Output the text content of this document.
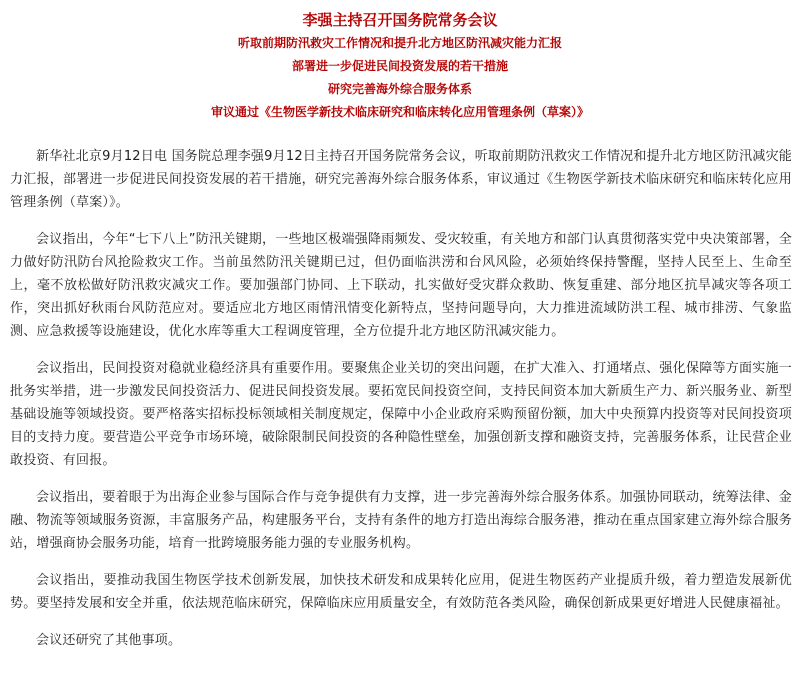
李强主持召开国务院常务会议
听取前期防汛救灾工作情况和提升北方地区防汛减灾能力汇报
部署进一步促进民间投资发展的若干措施
研究完善海外综合服务体系
审议通过《生物医学新技术临床研究和临床转化应用管理条例（草案）》

新华社北京9月12日电 国务院总理李强9月12日主持召开国务院常务会议，听取前期防汛救灾工作情况和提升北方地区防汛减灾能力汇报，部署进一步促进民间投资发展的若干措施，研究完善海外综合服务体系，审议通过《生物医学新技术临床研究和临床转化应用管理条例（草案）》。

会议指出，今年“七下八上”防汛关键期，一些地区极端强降雨频发、受灾较重，有关地方和部门认真贯彻落实党中央决策部署，全力做好防汛防台风抢险救灾工作。当前虽然防汛关键期已过，但仍面临洪涝和台风风险，必须始终保持警醒，坚持人民至上、生命至上，毫不放松做好防汛救灾减灾工作。要加强部门协同、上下联动，扎实做好受灾群众救助、恢复重建、部分地区抗旱减灾等各项工作，突出抓好秋雨台风防范应对。要适应北方地区雨情汛情变化新特点，坚持问题导向，大力推进流域防洪工程、城市排涝、气象监测、应急救援等设施建设，优化水库等重大工程调度管理，全方位提升北方地区防汛减灾能力。

会议指出，民间投资对稳就业稳经济具有重要作用。要聚焦企业关切的突出问题，在扩大准入、打通堵点、强化保障等方面实施一批务实举措，进一步激发民间投资活力、促进民间投资发展。要拓宽民间投资空间，支持民间资本加大新质生产力、新兴服务业、新型基础设施等领域投资。要严格落实招标投标领域相关制度规定，保障中小企业政府采购预留份额，加大中央预算内投资等对民间投资项目的支持力度。要营造公平竞争市场环境，破除限制民间投资的各种隐性壁垒，加强创新支撑和融资支持，完善服务体系，让民营企业敢投资、有回报。

会议指出，要着眼于为出海企业参与国际合作与竞争提供有力支撑，进一步完善海外综合服务体系。加强协同联动，统筹法律、金融、物流等领域服务资源，丰富服务产品，构建服务平台，支持有条件的地方打造出海综合服务港，推动在重点国家建立海外综合服务站，增强商协会服务功能，培育一批跨境服务能力强的专业服务机构。

会议指出，要推动我国生物医学技术创新发展，加快技术研发和成果转化应用，促进生物医药产业提质升级，着力塑造发展新优势。要坚持发展和安全并重，依法规范临床研究，保障临床应用质量安全，有效防范各类风险，确保创新成果更好增进人民健康福祉。

会议还研究了其他事项。
